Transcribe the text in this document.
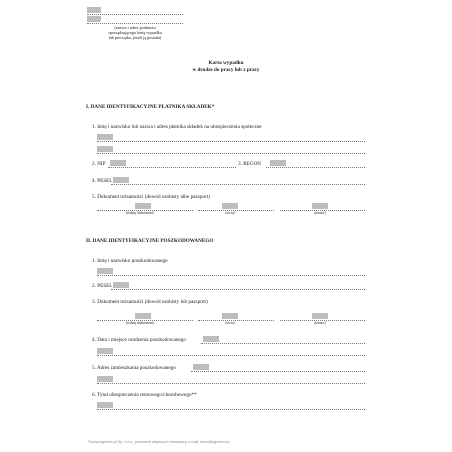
(nazwa i adres podmiotu
sporządzającego kartę wypadku
lub pieczątka, jeżeli ją posiada)
Karta wypadku
w drodze do pracy lub z pracy
I. DANE IDENTYFIKACYJNE PŁATNIKA SKŁADEK*
1. Imię i nazwisko lub nazwa i adres płatnika składek na ubezpieczenia społeczne
2. NIP	3. REGON
4. PESEL
5. Dokument tożsamości (dowód osobisty albo paszport)
(rodzaj dokumentu)	(seria)	(numer)
II. DANE IDENTYFIKACYJNE POSZKODOWANEGO
1. Imię i nazwisko poszkodowanego
2. PESEL
3. Dokument tożsamości (dowód osobisty lub paszport)
(rodzaj dokumentu)	(seria)	(numer)
4. Data i miejsce urodzenia poszkodowanego
5. Adres zamieszkania poszkodowanego
6. Tytuł ubezpieczenia rentowego/chorobowego**
©www.signform.pl Sp. z o.o., producent aktywnych formularzy, e-mail: biuro@signform.pl
